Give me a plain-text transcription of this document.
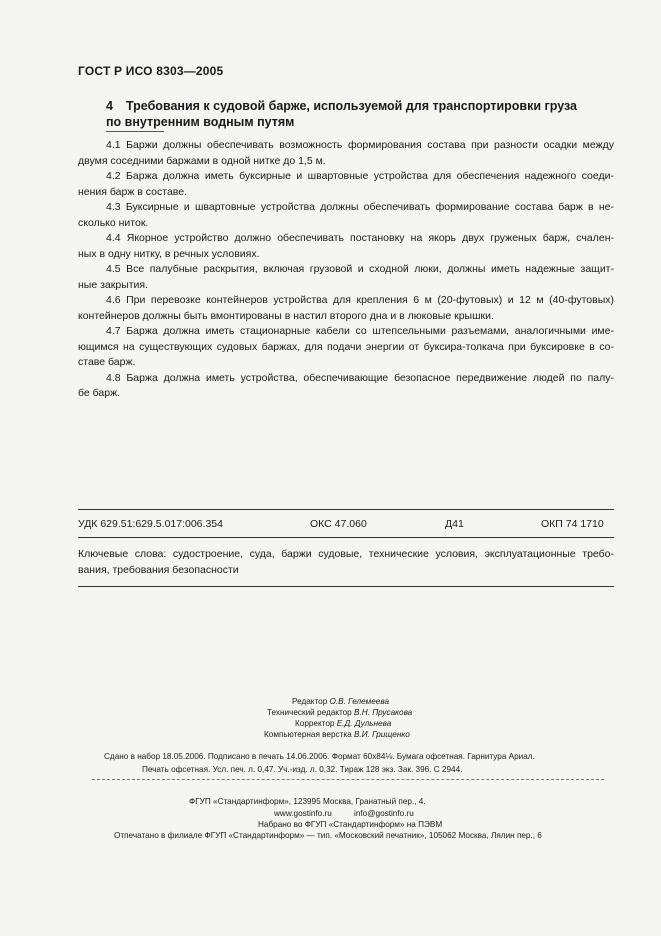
ГОСТ Р ИСО 8303—2005
4 Требования к судовой барже, используемой для транспортировки груза
по внутренним водным путям
4.1 Баржи должны обеспечивать возможность формирования состава при разности осадки между
двумя соседними баржами в одной нитке до 1,5 м.
4.2 Баржа должна иметь буксирные и швартовные устройства для обеспечения надежного соеди-
нения барж в составе.
4.3 Буксирные и швартовные устройства должны обеспечивать формирование состава барж в не-
сколько ниток.
4.4 Якорное устройство должно обеспечивать постановку на якорь двух груженых барж, счален-
ных в одну нитку, в речных условиях.
4.5 Все палубные раскрытия, включая грузовой и сходной люки, должны иметь надежные защит-
ные закрытия.
4.6 При перевозке контейнеров устройства для крепления 6 м (20-футовых) и 12 м (40-футовых)
контейнеров должны быть вмонтированы в настил второго дна и в люковые крышки.
4.7 Баржа должна иметь стационарные кабели со штепсельными разъемами, аналогичными име-
ющимся на существующих судовых баржах, для подачи энергии от буксира-толкача при буксировке в со-
ставе барж.
4.8 Баржа должна иметь устройства, обеспечивающие безопасное передвижение людей по палу-
бе барж.
УДК 629.51:629.5.017:006.354	ОКС 47.060	Д41	ОКП 74 1710
Ключевые слова: судостроение, суда, баржи судовые, технические условия, эксплуатационные требо-
вания, требования безопасности
Редактор О.В. Гелемеева
Технический редактор В.Н. Прусакова
Корректор Е.Д. Дульнева
Компьютерная верстка В.И. Грищенко
Сдано в набор 18.05.2006. Подписано в печать 14.06.2006. Формат 60x84⅛. Бумага офсетная. Гарнитура Ариал.
Печать офсетная. Усл. печ. л. 0,47. Уч.-изд. л. 0,32. Тираж 128 экз. Зак. 396. С 2944.
ФГУП «Стандартинформ», 123995 Москва, Гранатный пер., 4.
www.gostinfo.ru	info@gostinfo.ru
Набрано во ФГУП «Стандартинформ» на ПЭВМ
Отпечатано в филиале ФГУП «Стандартинформ» — тип. «Московский печатник», 105062 Москва, Лялин пер., 6
